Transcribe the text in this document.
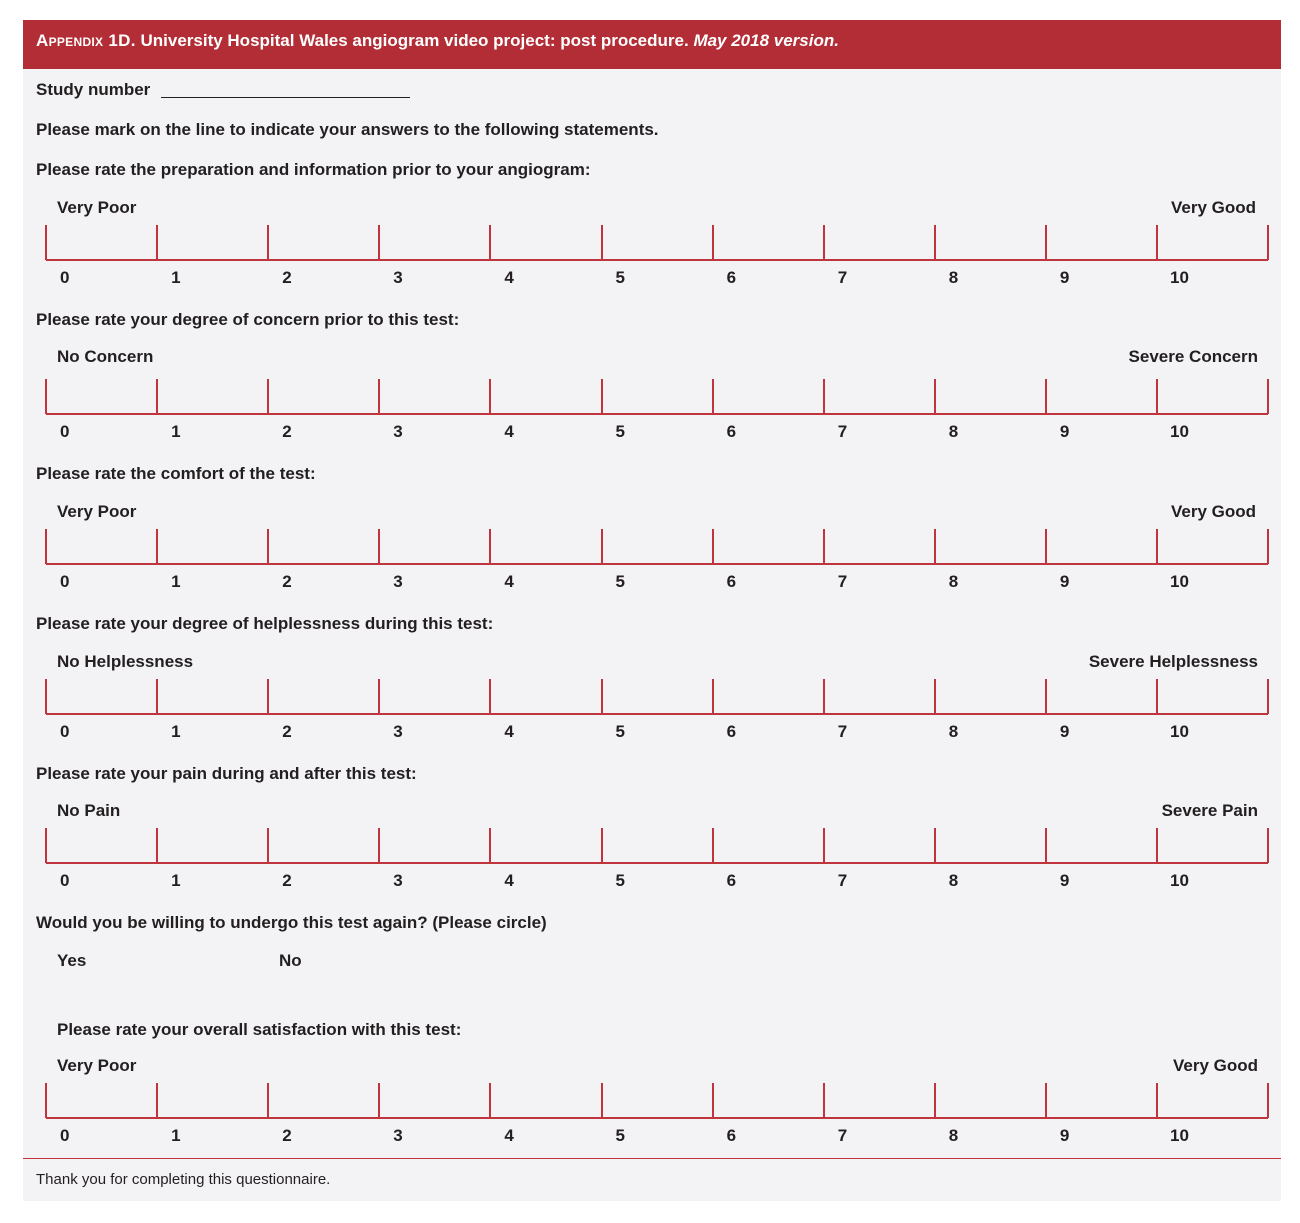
Appendix 1D. University Hospital Wales angiogram video project: post procedure. May 2018 version.
Study number
Please mark on the line to indicate your answers to the following statements.
Please rate the preparation and information prior to your angiogram:
Very Poor	Very Good
0	1	2	3	4	5	6	7	8	9	10
Please rate your degree of concern prior to this test:
No Concern	Severe Concern
0	1	2	3	4	5	6	7	8	9	10
Please rate the comfort of the test:
Very Poor	Very Good
0	1	2	3	4	5	6	7	8	9	10
Please rate your degree of helplessness during this test:
No Helplessness	Severe Helplessness
0	1	2	3	4	5	6	7	8	9	10
Please rate your pain during and after this test:
No Pain	Severe Pain
0	1	2	3	4	5	6	7	8	9	10
Would you be willing to undergo this test again? (Please circle)
Yes	No
Please rate your overall satisfaction with this test:
Very Poor	Very Good
0	1	2	3	4	5	6	7	8	9	10
Thank you for completing this questionnaire.
